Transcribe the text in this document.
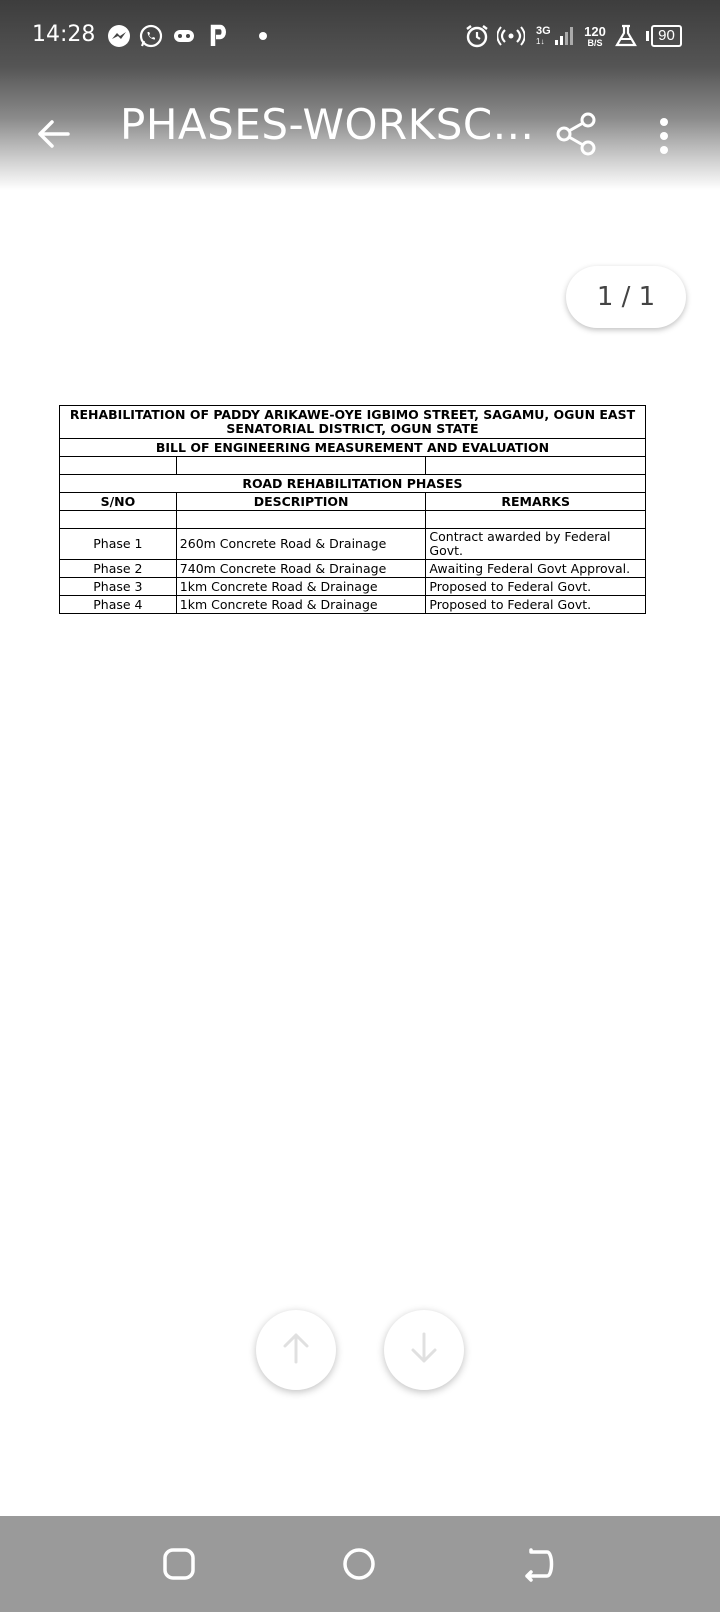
14:28	3G
1↓
120
B/S	90
PHASES-WORKSC...
1 / 1
REHABILITATION OF PADDY ARIKAWE-OYE IGBIMO STREET, SAGAMU, OGUN EAST
SENATORIAL DISTRICT, OGUN STATE		
BILL OF ENGINEERING MEASUREMENT AND EVALUATION		

ROAD REHABILITATION PHASES		
S/NO	DESCRIPTION	REMARKS

Phase 1	260m Concrete Road & Drainage	Contract awarded by Federal Govt.
Phase 2	740m Concrete Road & Drainage	Awaiting Federal Govt Approval.
Phase 3	1km Concrete Road & Drainage	Proposed to Federal Govt.
Phase 4	1km Concrete Road & Drainage	Proposed to Federal Govt.
